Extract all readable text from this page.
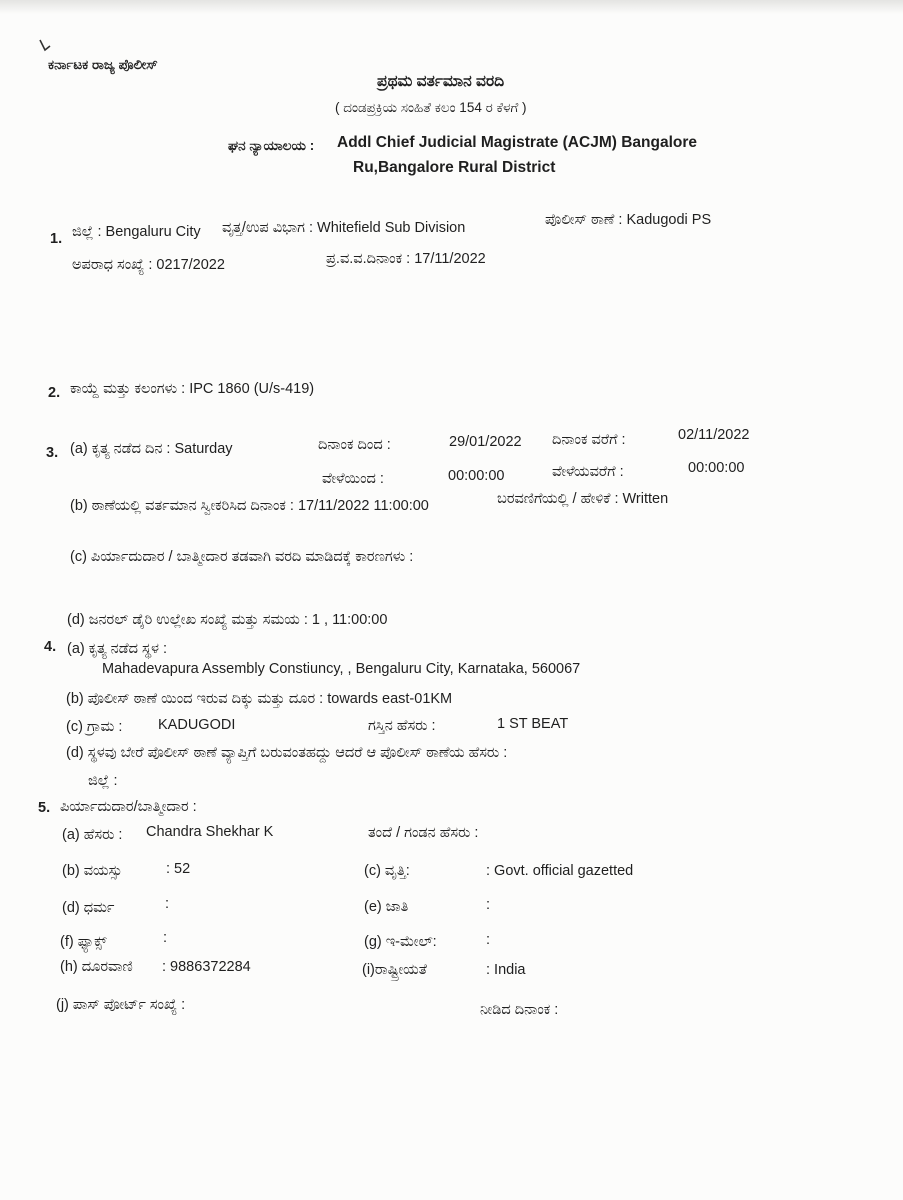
ಕರ್ನಾಟಕ ರಾಜ್ಯ ಪೊಲೀಸ್
ಪ್ರಥಮ ವರ್ತಮಾನ ವರದಿ
( ದಂಡಪ್ರಕ್ರಿಯ ಸಂಹಿತೆ ಕಲಂ 154 ರ ಕೆಳಗೆ )
ಘನ ನ್ಯಾಯಾಲಯ : Addl Chief Judicial Magistrate (ACJM) Bangalore
Ru,Bangalore Rural District
1. ಜಿಲ್ಲೆ : Bengaluru City ವೃತ್ತ/ಉಪ ವಿಭಾಗ : Whitefield Sub Division	ಪೊಲೀಸ್ ಠಾಣೆ : Kadugodi PS
ಅಪರಾಧ ಸಂಖ್ಯೆ : 0217/2022	ಪ್ರ.ವ.ವ.ದಿನಾಂಕ : 17/11/2022
2. ಕಾಯ್ದೆ ಮತ್ತು ಕಲಂಗಳು : IPC 1860 (U/s-419)
3. (a) ಕೃತ್ಯ ನಡೆದ ದಿನ : Saturday	ದಿನಾಂಕ ದಿಂದ :	29/01/2022 ದಿನಾಂಕ ವರೆಗೆ :	02/11/2022
ವೇಳೆಯಿಂದ :	00:00:00	ವೇಳೆಯವರೆಗೆ :	00:00:00
(b) ಠಾಣೆಯಲ್ಲಿ ವರ್ತಮಾನ ಸ್ವೀಕರಿಸಿದ ದಿನಾಂಕ : 17/11/2022 11:00:00	ಬರವಣಿಗೆಯಲ್ಲಿ / ಹೇಳಿಕೆ : Written
(c) ಪಿರ್ಯಾದುದಾರ / ಬಾತ್ಮೀದಾರ ತಡವಾಗಿ ವರದಿ ಮಾಡಿದಕ್ಕೆ ಕಾರಣಗಳು :
(d) ಜನರಲ್ ಡೈರಿ ಉಲ್ಲೇಖ ಸಂಖ್ಯೆ ಮತ್ತು ಸಮಯ : 1 , 11:00:00
4. (a) ಕೃತ್ಯ ನಡೆದ ಸ್ಥಳ :
Mahadevapura Assembly Constiuncy, , Bengaluru City, Karnataka, 560067
(b) ಪೊಲೀಸ್ ಠಾಣೆ ಯಿಂದ ಇರುವ ದಿಕ್ಕು ಮತ್ತು ದೂರ : towards east-01KM
(c) ಗ್ರಾಮ : KADUGODI	ಗಸ್ತಿನ ಹೆಸರು :	1 ST BEAT
(d) ಸ್ಥಳವು ಬೇರೆ ಪೊಲೀಸ್ ಠಾಣೆ ವ್ಯಾಪ್ತಿಗೆ ಬರುವಂತಹದ್ದು ಆದರೆ ಆ ಪೊಲೀಸ್ ಠಾಣೆಯ ಹೆಸರು :
ಜಿಲ್ಲೆ :
5. ಪಿರ್ಯಾದುದಾರ/ಬಾತ್ಮೀದಾರ :
(a) ಹೆಸರು : Chandra Shekhar K	ತಂದೆ / ಗಂಡನ ಹೆಸರು :
(b) ವಯಸ್ಸು	: 52	(c) ವೃತ್ತಿ:	: Govt. official gazetted
(d) ಧರ್ಮ	:	(e) ಜಾತಿ	:
(f) ಫ್ಯಾಕ್ಸ್	:	(g) ಇ-ಮೇಲ್:	:
(h) ದೂರವಾಣಿ : 9886372284	(i)ರಾಷ್ಟ್ರೀಯತೆ	: India
(j) ಪಾಸ್ ಪೋರ್ಟ್ ಸಂಖ್ಯೆ :	ನೀಡಿದ ದಿನಾಂಕ :
